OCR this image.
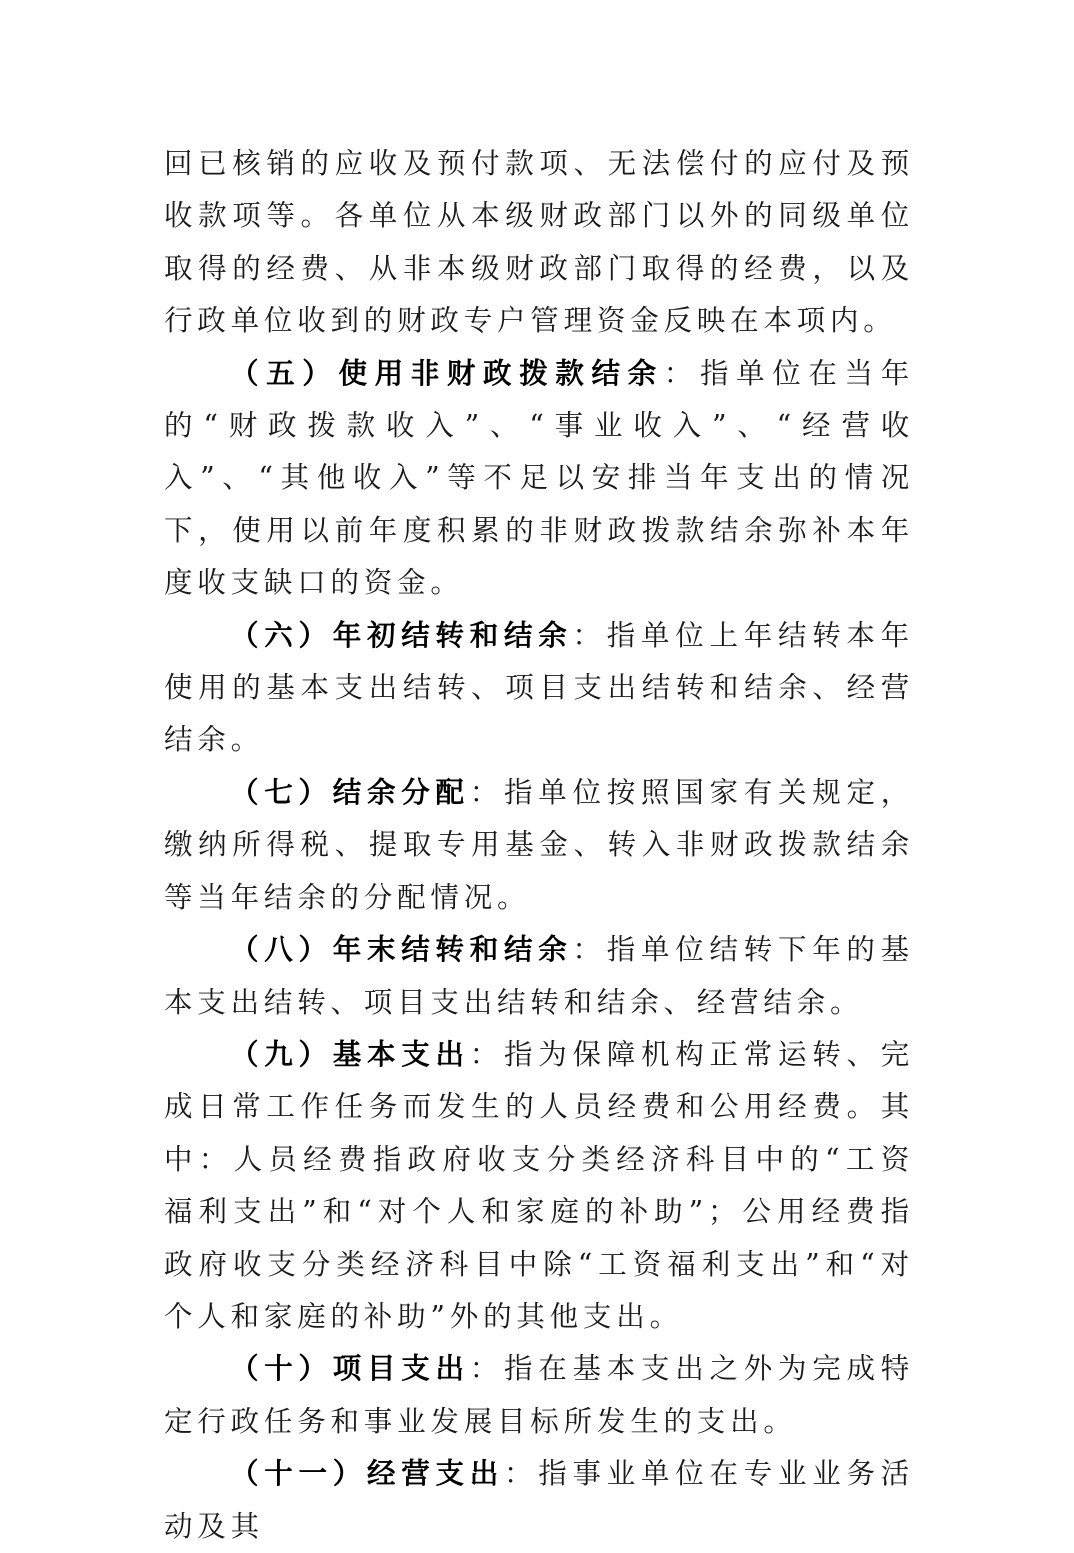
回已核销的应收及预付款项、无法偿付的应付及预收款项等。各单位从本级财政部门以外的同级单位取得的经费、从非本级财政部门取得的经费，以及行政单位收到的财政专户管理资金反映在本项内。

（五）使用非财政拨款结余：指单位在当年的“财政拨款收入”、“事业收入”、“经营收入”、“其他收入”等不足以安排当年支出的情况下，使用以前年度积累的非财政拨款结余弥补本年度收支缺口的资金。

（六）年初结转和结余：指单位上年结转本年使用的基本支出结转、项目支出结转和结余、经营结余。

（七）结余分配：指单位按照国家有关规定，缴纳所得税、提取专用基金、转入非财政拨款结余等当年结余的分配情况。

（八）年末结转和结余：指单位结转下年的基本支出结转、项目支出结转和结余、经营结余。

（九）基本支出：指为保障机构正常运转、完成日常工作任务而发生的人员经费和公用经费。其中：人员经费指政府收支分类经济科目中的“工资福利支出”和“对个人和家庭的补助”；公用经费指政府收支分类经济科目中除“工资福利支出”和“对个人和家庭的补助”外的其他支出。

（十）项目支出：指在基本支出之外为完成特定行政任务和事业发展目标所发生的支出。

（十一）经营支出：指事业单位在专业业务活动及其
